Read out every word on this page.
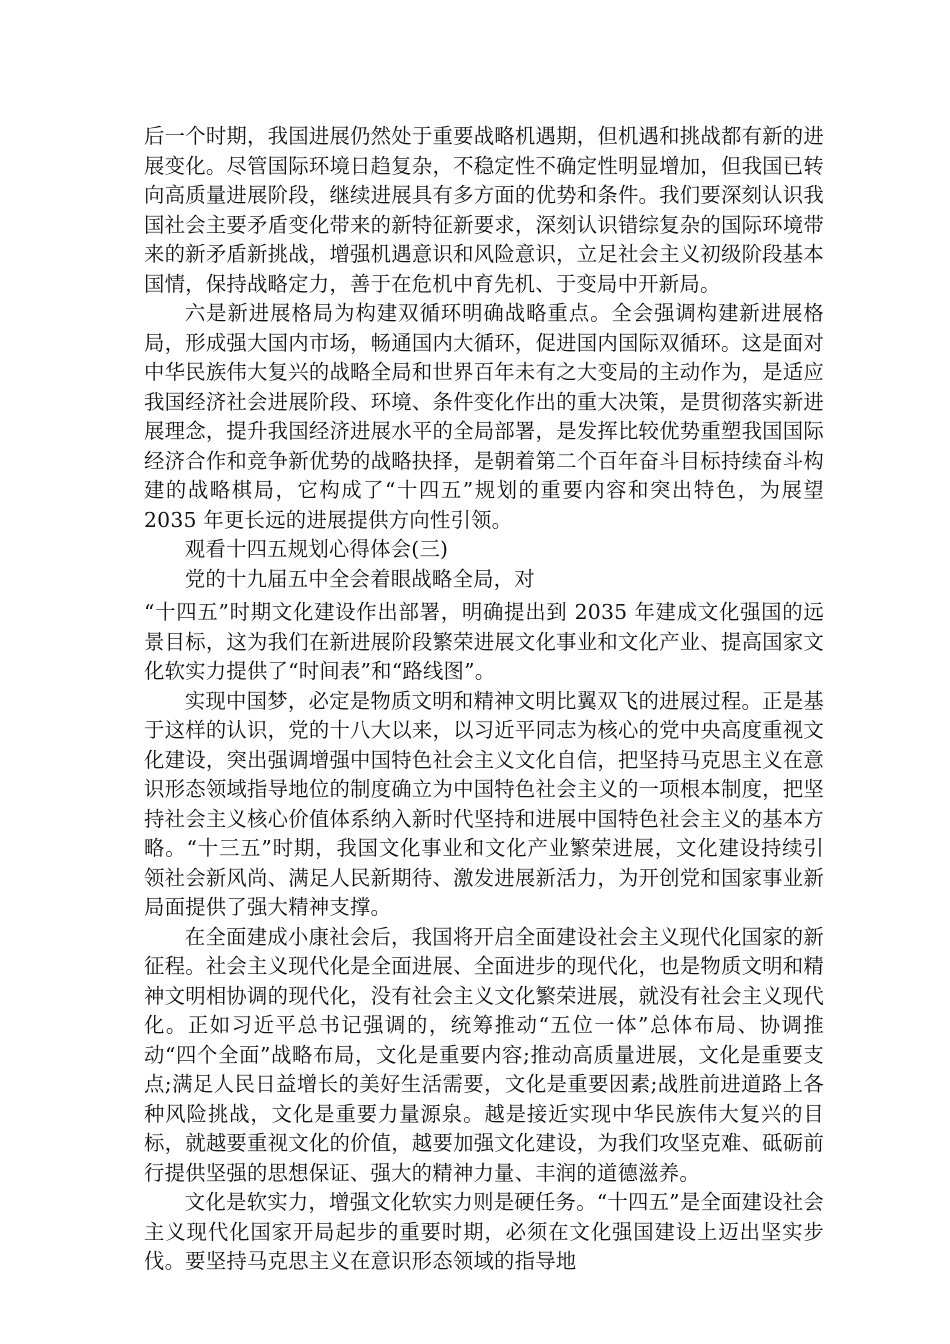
后一个时期，我国进展仍然处于重要战略机遇期，但机遇和挑战都有新的进展变化。尽管国际环境日趋复杂，不稳定性不确定性明显增加，但我国已转向高质量进展阶段，继续进展具有多方面的优势和条件。我们要深刻认识我国社会主要矛盾变化带来的新特征新要求，深刻认识错综复杂的国际环境带来的新矛盾新挑战，增强机遇意识和风险意识，立足社会主义初级阶段基本国情，保持战略定力，善于在危机中育先机、于变局中开新局。

六是新进展格局为构建双循环明确战略重点。全会强调构建新进展格局，形成强大国内市场，畅通国内大循环，促进国内国际双循环。这是面对中华民族伟大复兴的战略全局和世界百年未有之大变局的主动作为，是适应我国经济社会进展阶段、环境、条件变化作出的重大决策，是贯彻落实新进展理念，提升我国经济进展水平的全局部署，是发挥比较优势重塑我国国际经济合作和竞争新优势的战略抉择，是朝着第二个百年奋斗目标持续奋斗构建的战略棋局，它构成了“十四五”规划的重要内容和突出特色，为展望 2035 年更长远的进展提供方向性引领。

观看十四五规划心得体会(三)

党的十九届五中全会着眼战略全局，对

“十四五”时期文化建设作出部署，明确提出到 2035 年建成文化强国的远景目标，这为我们在新进展阶段繁荣进展文化事业和文化产业、提高国家文化软实力提供了“时间表”和“路线图”。

实现中国梦，必定是物质文明和精神文明比翼双飞的进展过程。正是基于这样的认识，党的十八大以来，以习近平同志为核心的党中央高度重视文化建设，突出强调增强中国特色社会主义文化自信，把坚持马克思主义在意识形态领域指导地位的制度确立为中国特色社会主义的一项根本制度，把坚持社会主义核心价值体系纳入新时代坚持和进展中国特色社会主义的基本方略。“十三五”时期，我国文化事业和文化产业繁荣进展，文化建设持续引领社会新风尚、满足人民新期待、激发进展新活力，为开创党和国家事业新局面提供了强大精神支撑。

在全面建成小康社会后，我国将开启全面建设社会主义现代化国家的新征程。社会主义现代化是全面进展、全面进步的现代化，也是物质文明和精神文明相协调的现代化，没有社会主义文化繁荣进展，就没有社会主义现代化。正如习近平总书记强调的，统筹推动“五位一体”总体布局、协调推动“四个全面”战略布局，文化是重要内容;推动高质量进展，文化是重要支点;满足人民日益增长的美好生活需要，文化是重要因素;战胜前进道路上各种风险挑战，文化是重要力量源泉。越是接近实现中华民族伟大复兴的目标，就越要重视文化的价值，越要加强文化建设，为我们攻坚克难、砥砺前行提供坚强的思想保证、强大的精神力量、丰润的道德滋养。

文化是软实力，增强文化软实力则是硬任务。“十四五”是全面建设社会主义现代化国家开局起步的重要时期，必须在文化强国建设上迈出坚实步伐。要坚持马克思主义在意识形态领域的指导地
